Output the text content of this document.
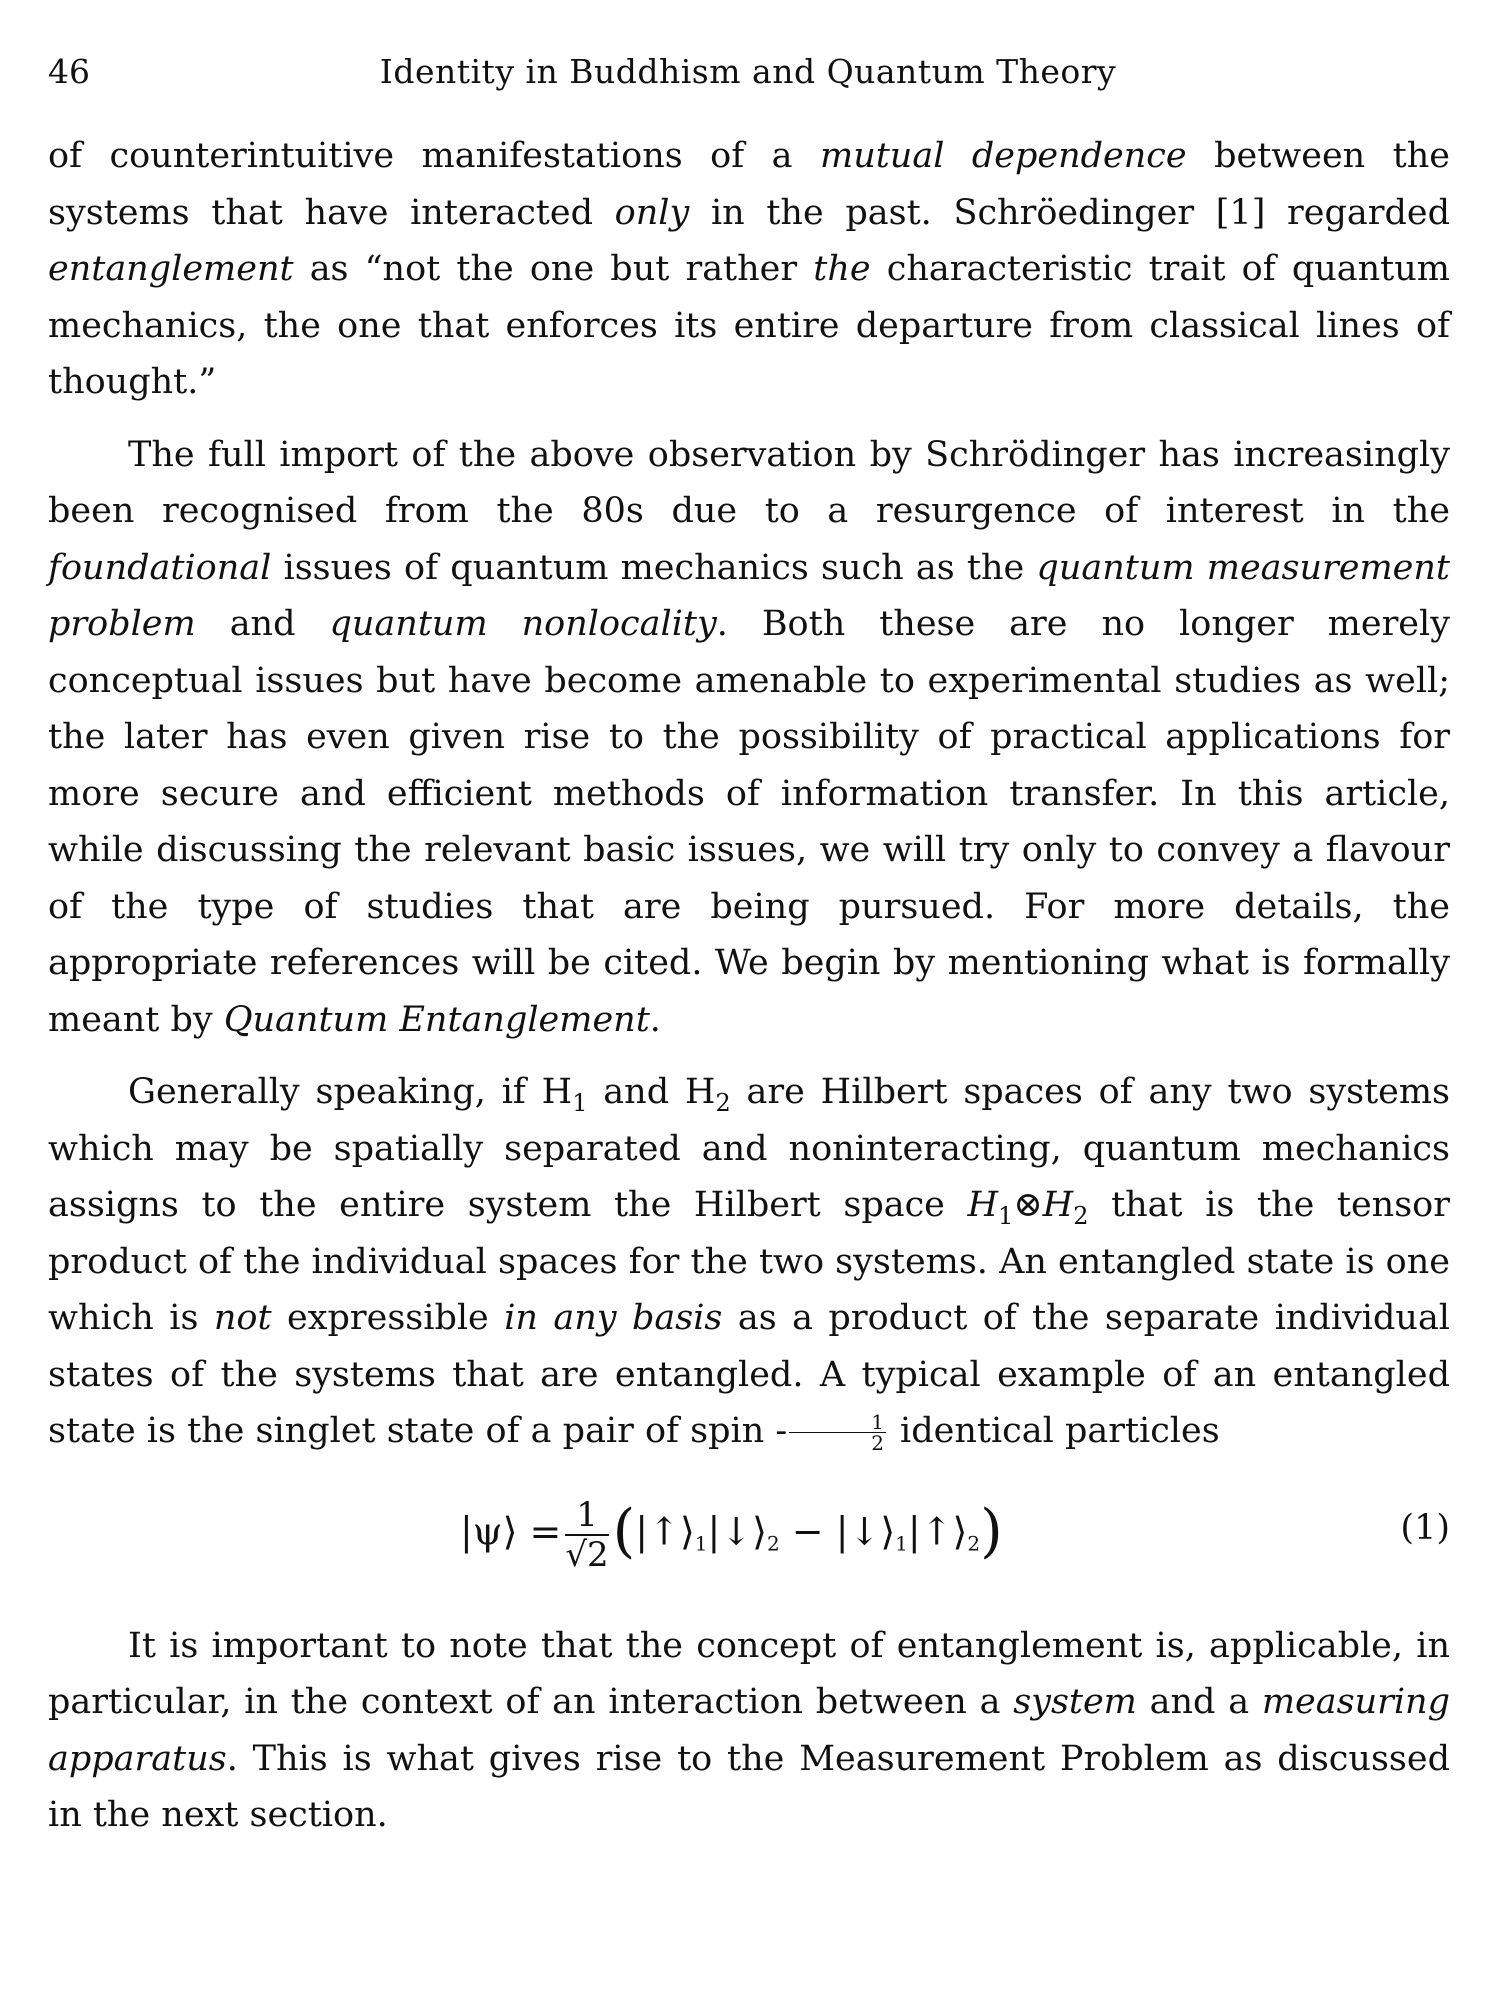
46	Identity in Buddhism and Quantum Theory

of counterintuitive manifestations of a mutual dependence between the systems that have interacted only in the past. Schröedinger [1] regarded entanglement as “not the one but rather the characteristic trait of quantum mechanics, the one that enforces its entire departure from classical lines of thought.”

The full import of the above observation by Schrödinger has increasingly been recognised from the 80s due to a resurgence of interest in the foundational issues of quantum mechanics such as the quantum measurement problem and quantum nonlocality. Both these are no longer merely conceptual issues but have become amenable to experimental studies as well; the later has even given rise to the possibility of practical applications for more secure and efficient methods of information transfer. In this article, while discussing the relevant basic issues, we will try only to convey a flavour of the type of studies that are being pursued. For more details, the appropriate references will be cited. We begin by mentioning what is formally meant by Quantum Entanglement.

Generally speaking, if $H_1$ and $H_2$ are Hilbert spaces of any two systems which may be spatially separated and noninteracting, quantum mechanics assigns to the entire system the Hilbert space $H_1\otimes H_2$ that is the tensor product of the individual spaces for the two systems. An entangled state is one which is not expressible in any basis as a product of the separate individual states of the systems that are entangled. A typical example of an entangled state is the singlet state of a pair of spin - $\frac{1}{2}$ identical particles

|ψ⟩ = $\frac{1}{√2}$ ($|↑⟩_1|↓⟩_2$ − $|↓⟩_1|↑⟩_2$)	(1)

It is important to note that the concept of entanglement is, applicable, in particular, in the context of an interaction between a system and a measuring apparatus. This is what gives rise to the Measurement Problem as discussed in the next section.
